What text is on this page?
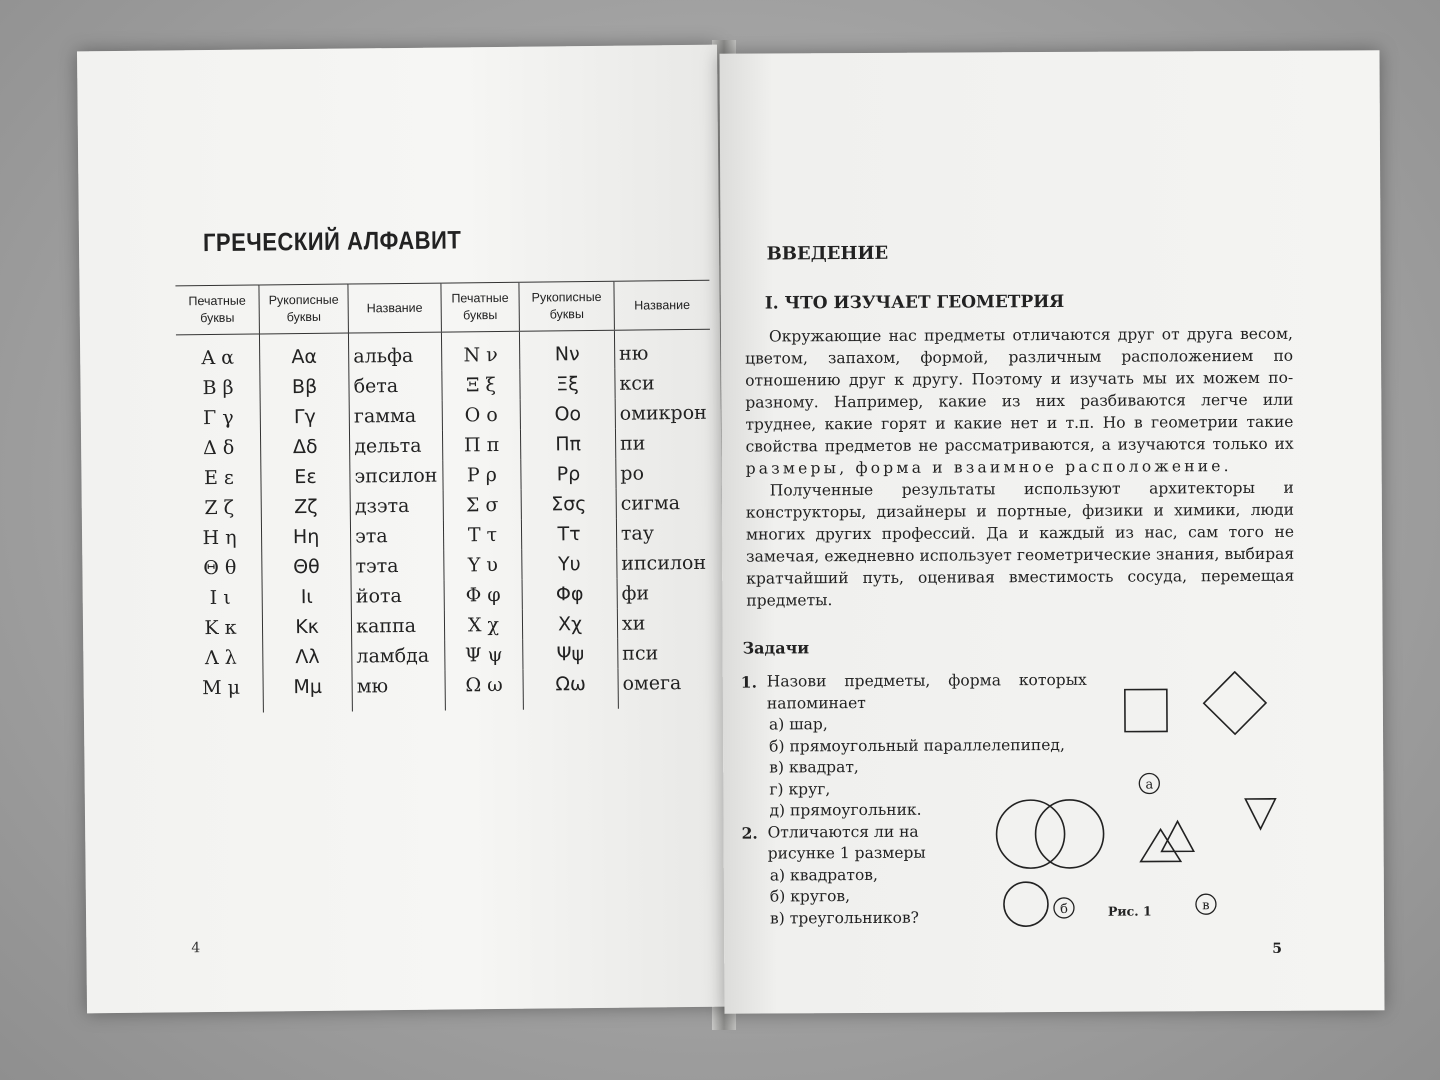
ГРЕЧЕСКИЙ АЛФАВИТ
Печатные буквы	Рукописные буквы	Название	Печатные буквы	Рукописные буквы	Название
Α α	Αα	альфа	Ν ν	Νν	ню
Β β	Ββ	бета	Ξ ξ	Ξξ	кси
Γ γ	Γγ	гамма	Ο ο	Οο	омикрон
Δ δ	Δδ	дельта	Π π	Ππ	пи
Ε ε	Εε	эпсилон	Ρ ρ	Ρρ	ро
Ζ ζ	Ζζ	дзэта	Σ σ	Σσς	сигма
Η η	Ηη	эта	Τ τ	Ττ	тау
Θ θ	Θθ	тэта	Υ υ	Υυ	ипсилон
Ι ι	Ιι	йота	Φ φ	Φφ	фи
Κ κ	Κκ	каппа	Χ χ	Χχ	хи
Λ λ	Λλ	ламбда	Ψ ψ	Ψψ	пси
Μ μ	Μμ	мю	Ω ω	Ωω	омега
4
ВВЕДЕНИЕ
I. ЧТО ИЗУЧАЕТ ГЕОМЕТРИЯ

Окружающие нас предметы отличаются друг от друга весом, цветом, запахом, формой, различным расположением по отношению друг к другу. Поэтому и изучать мы их можем по-разному. Например, какие из них разбиваются легче или труднее, какие горят и какие нет и т.п. Но в геометрии такие свойства предметов не рассматриваются, а изучаются только их размеры, форма и взаимное расположение.

Полученные результаты используют архитекторы и конструкторы, дизайнеры и портные, физики и химики, люди многих других профессий. Да и каждый из нас, сам того не замечая, ежедневно использует геометрические знания, выбирая кратчайший путь, оценивая вместимость сосуда, перемещая предметы.

Задачи
1. Назови предметы, форма которых напоминает
а) шар,
б) прямоугольный параллелепипед,
в) квадрат,
г) круг,
д) прямоугольник.
2. Отличаются ли на рисунке 1 размеры
а) квадратов,
б) кругов,
в) треугольников?
а
б	в
Рис. 1
5
